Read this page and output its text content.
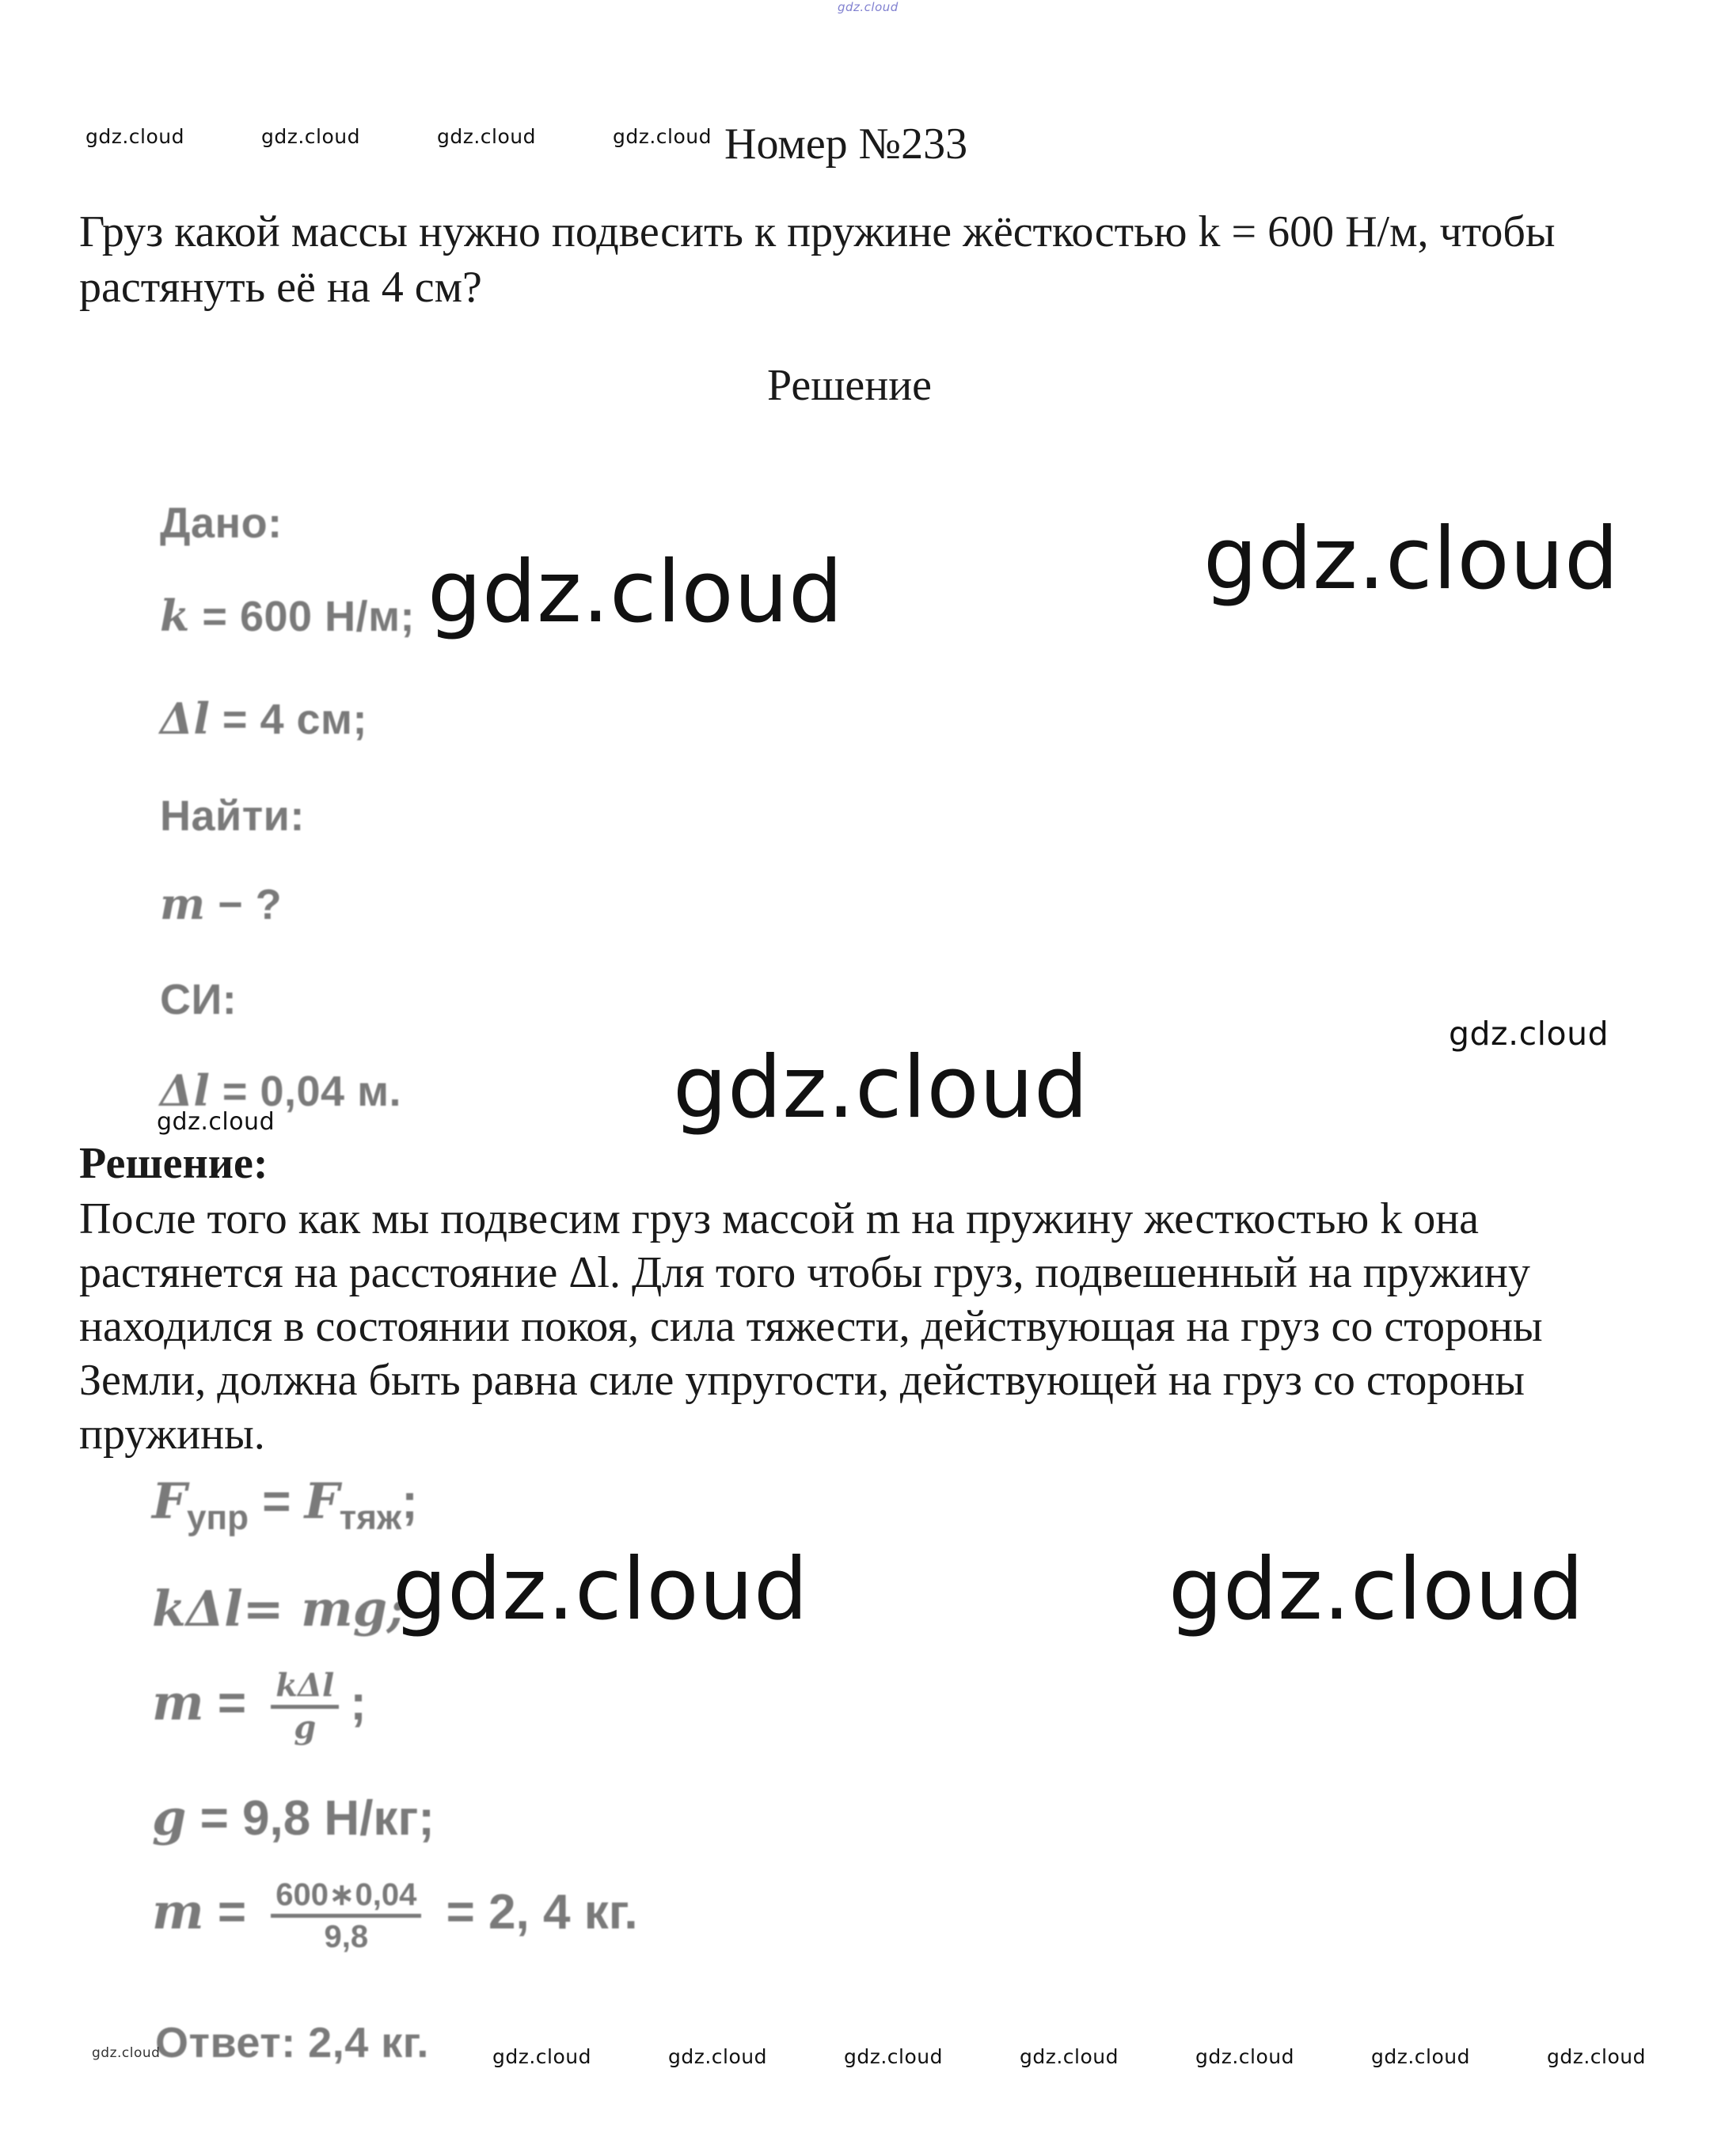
gdz.cloud
gdz.cloud	gdz.cloud	gdz.cloud	gdz.cloud Номер №233
Груз какой массы нужно подвесить к пружине жёсткостью k = 600 Н/м, чтобы растянуть её на 4 см?
Решение
Дано:
k = 600 Н/м;
Δl = 4 см;
Найти:
m − ?
СИ:
Δl = 0,04 м.
gdz.cloud	gdz.cloud
gdz.cloud
gdz.cloud
gdz.cloud
Решение:
После того как мы подвесим груз массой m на пружину жесткостью k она растянется на расстояние Δl. Для того чтобы груз, подвешенный на пружину находился в состоянии покоя, сила тяжести, действующая на груз со стороны Земли, должна быть равна силе упругости, действующей на груз со стороны пружины.
$F_{упр} = F_{тяж}$;
kΔl= mg;
$m = \frac{\text{kΔl}}{g}$ ;
g = 9,8 Н/кг;
$m = \frac{600∗0,04}{9,8} = 2$, 4 кг.
Ответ: 2,4 кг.
gdz.cloud	gdz.cloud
gdz.cloud	gdz.cloud	gdz.cloud	gdz.cloud	gdz.cloud	gdz.cloud	gdz.cloud	gdz.cloud
